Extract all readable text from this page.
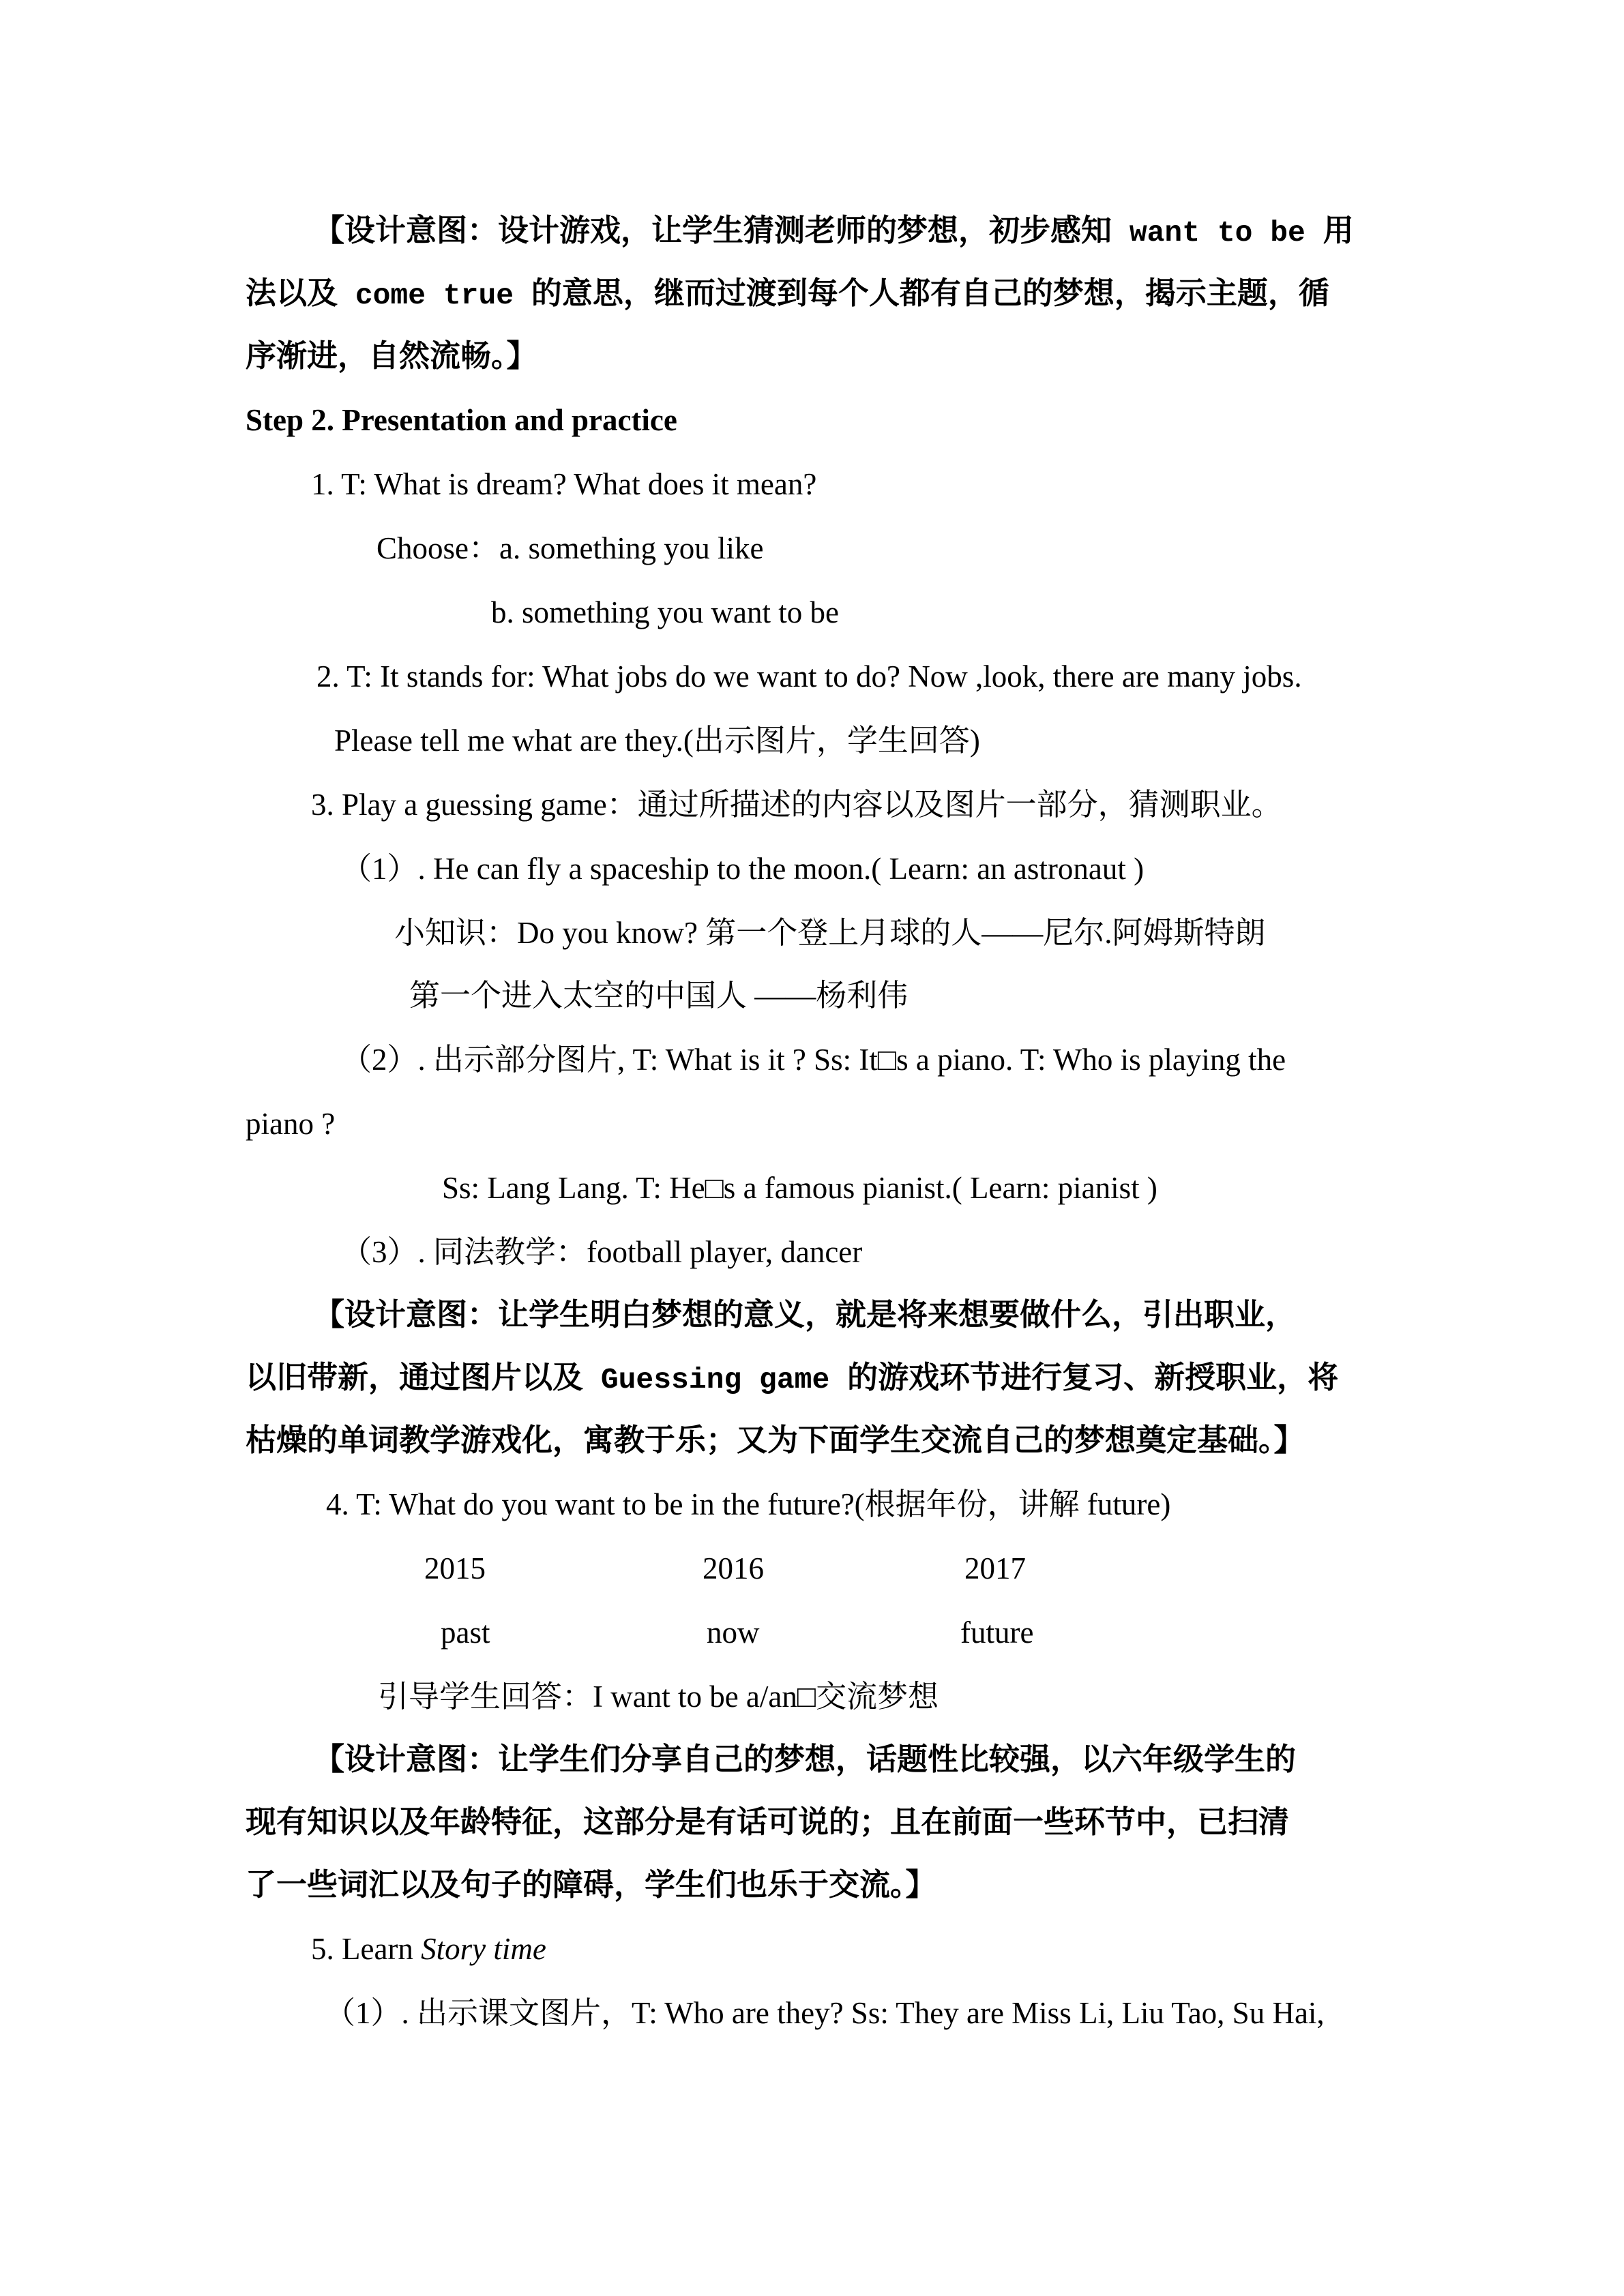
【设计意图：设计游戏，让学生猜测老师的梦想，初步感知 want to be 用
法以及 come true 的意思，继而过渡到每个人都有自己的梦想，揭示主题，循
序渐进，自然流畅。】
Step 2. Presentation and practice
1. T: What is dream? What does it mean?
Choose：a. something you like
b. something you want to be
2. T: It stands for: What jobs do we want to do? Now ,look, there are many jobs.
Please tell me what are they.(出示图片，学生回答)
3. Play a guessing game：通过所描述的内容以及图片一部分，猜测职业。
（1）. He can fly a spaceship to the moon.( Learn: an astronaut )
小知识：Do you know? 第一个登上月球的人——尼尔.阿姆斯特朗
第一个进入太空的中国人 ——杨利伟
（2）. 出示部分图片, T: What is it ? Ss: It□s a piano. T: Who is playing the
piano ?
Ss: Lang Lang. T: He□s a famous pianist.( Learn: pianist )
（3）. 同法教学：football player, dancer
【设计意图：让学生明白梦想的意义，就是将来想要做什么，引出职业，
以旧带新，通过图片以及 Guessing game 的游戏环节进行复习、新授职业，将
枯燥的单词教学游戏化，寓教于乐；又为下面学生交流自己的梦想奠定基础。】
4. T: What do you want to be in the future?(根据年份，讲解 future)
2015	2016	2017
past	now	future
引导学生回答：I want to be a/an□交流梦想
【设计意图：让学生们分享自己的梦想，话题性比较强，以六年级学生的
现有知识以及年龄特征，这部分是有话可说的；且在前面一些环节中，已扫清
了一些词汇以及句子的障碍，学生们也乐于交流。】
5. Learn Story time
（1）. 出示课文图片，T: Who are they? Ss: They are Miss Li, Liu Tao, Su Hai,
